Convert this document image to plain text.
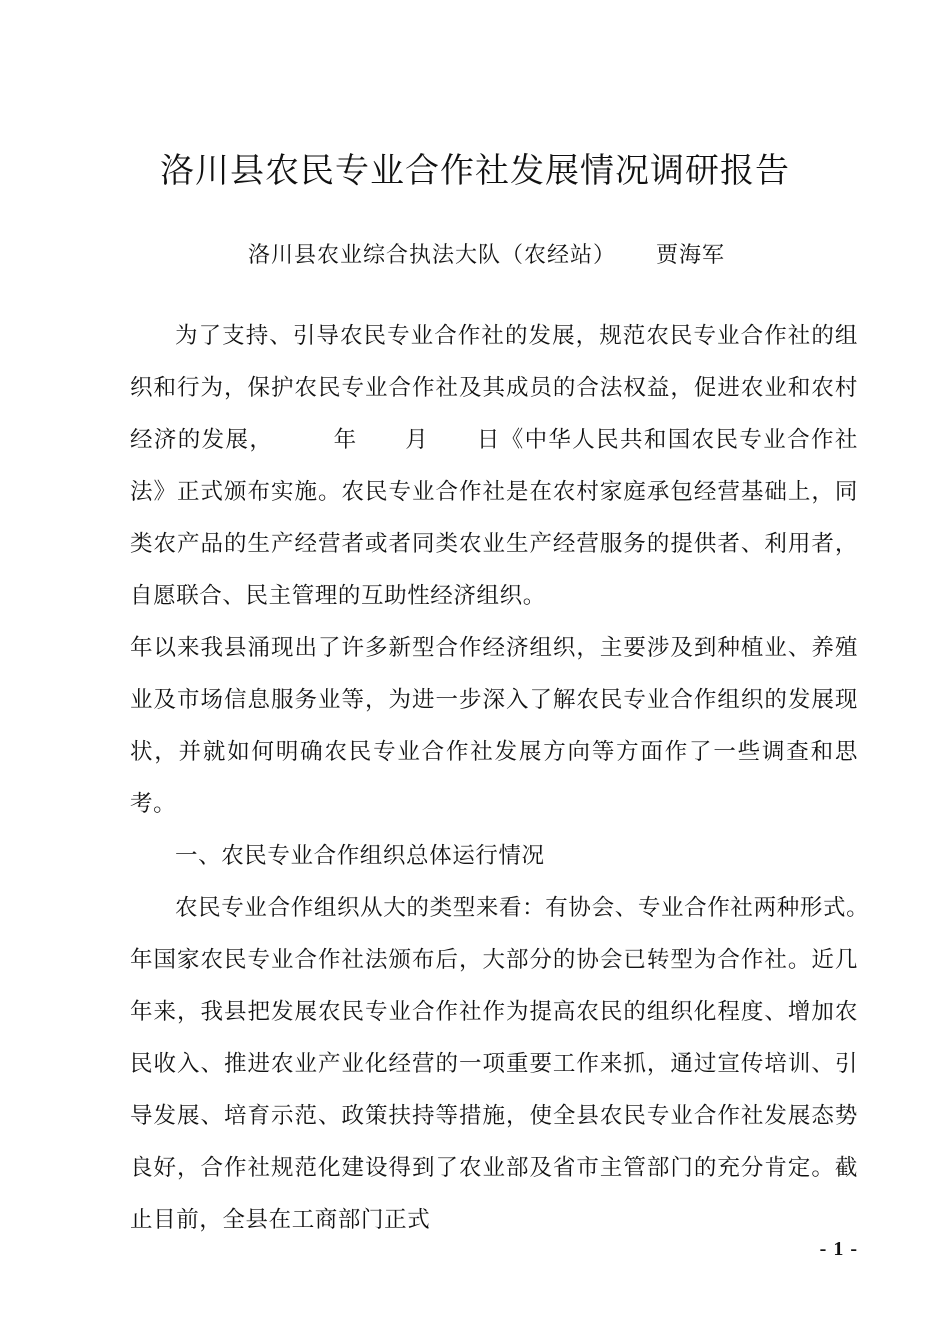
洛川县农民专业合作社发展情况调研报告
洛川县农业综合执法大队（农经站） 贾海军

为了支持、引导农民专业合作社的发展，规范农民专业合作社的组织和行为，保护农民专业合作社及其成员的合法权益，促进农业和农村经济的发展，　　　年　　月　　日《中华人民共和国农民专业合作社法》正式颁布实施。农民专业合作社是在农村家庭承包经营基础上，同类农产品的生产经营者或者同类农业生产经营服务的提供者、利用者，自愿联合、民主管理的互助性经济组织。

年以来我县涌现出了许多新型合作经济组织，主要涉及到种植业、养殖业及市场信息服务业等，为进一步深入了解农民专业合作组织的发展现状，并就如何明确农民专业合作社发展方向等方面作了一些调查和思考。

一、农民专业合作组织总体运行情况

农民专业合作组织从大的类型来看：有协会、专业合作社两种形式。　　　年国家农民专业合作社法颁布后，大部分的协会已转型为合作社。近几年来，我县把发展农民专业合作社作为提高农民的组织化程度、增加农民收入、推进农业产业化经营的一项重要工作来抓，通过宣传培训、引导发展、培育示范、政策扶持等措施，使全县农民专业合作社发展态势良好，合作社规范化建设得到了农业部及省市主管部门的充分肯定。截止目前，全县在工商部门正式

- 1 -
